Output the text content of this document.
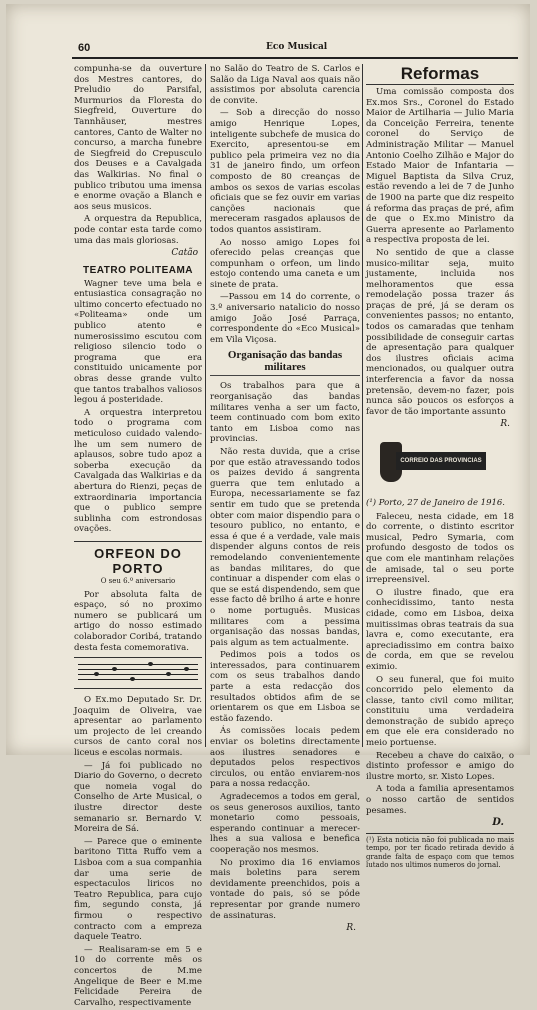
60	Eco Musical

compunha-se da ouverture dos Mestres cantores, do Preludio do Parsifal, Murmurios da Floresta do Siegfreid, Ouverture do Tannhäuser, mestres cantores, Canto de Walter no concurso, a marcha funebre de Siegfreid do Crepusculo dos Deuses e a Cavalgada das Walkirias. No final o publico tributou uma imensa e enorme ovação a Blanch e aos seus musicos.

A orquestra da Republica, pode contar esta tarde como uma das mais gloriosas.

Catão
TEATRO POLITEAMA

Wagner teve uma bela e entusiastica consagração no ultimo concerto efectuado no «Politeama» onde um publico atento e numerosissimo escutou com religioso silencio todo o programa que era constituido unicamente por obras desse grande vulto que tantos trabalhos valiosos legou á posteridade.

A orquestra interpretou todo o programa com meticuloso cuidado valendo-lhe um sem numero de aplausos, sobre tudo apoz a soberba execução da Cavalgada das Walkirias e da abertura do Rienzi, peças de extraordinaria importancia que o publico sempre sublinha com estrondosas ovações.

ORFEON DO PORTO
O seu 6.º aniversario

Por absoluta falta de espaço, só no proximo numero se publicará um artigo do nosso estimado colaborador Coribá, tratando desta festa comemorativa.

O Ex.mo Deputado Sr. Dr. Joaquim de Oliveira, vae apresentar ao parlamento um projecto de lei creando cursos de canto coral nos liceus e escolas normais.

— Já foi publicado no Diario do Governo, o decreto que nomeia vogal do Conselho de Arte Musical, o ilustre director deste semanario sr. Bernardo V. Moreira de Sá.

— Parece que o eminente baritono Titta Ruffo vem a Lisboa com a sua companhia dar uma serie de espectaculos liricos no Teatro Republica, para cujo fim, segundo consta, já firmou o respectivo contracto com a empreza daquele Teatro.

— Realisaram-se em 5 e 10 do corrente mês os concertos de M.me Angelique de Beer e M.me Felicidade Pereira de Carvalho, respectivamente

no Salão do Teatro de S. Carlos e Salão da Liga Naval aos quais não assistimos por absoluta carencia de convite.

— Sob a direcção do nosso amigo Henrique Lopes, inteligente subchefe de musica do Exercito, apresentou-se em publico pela primeira vez no dia 31 de janeiro findo, um orfeon composto de 80 creanças de ambos os sexos de varias escolas oficiais que se fez ouvir em varias canções nacionais que mereceram rasgados aplausos de todos quantos assistiram.

Ao nosso amigo Lopes foi oferecido pelas creanças que compunham o orfeon, um lindo estojo contendo uma caneta e um sinete de prata.

—Passou em 14 do corrente, o 3.º aniversario natalicio do nosso amigo João José Parraça, correspondente do «Eco Musical» em Vila Viçosa.

Organisação das bandas militares

Os trabalhos para que a reorganisação das bandas militares venha a ser um facto, teem continuado com bom exito tanto em Lisboa como nas provincias.

Não resta duvida, que a crise por que estão atravessando todos os paizes devido á sangrenta guerra que tem enlutado a Europa, necessariamente se faz sentir em tudo que se pretenda obter com maior dispendio para o tesouro publico, no entanto, e essa é que é a verdade, vale mais dispender alguns contos de reis remodelando convenientemente as bandas militares, do que continuar a dispender com elas o que se está dispendendo, sem que esse facto dê brilho á arte e honre o nome português. Musicas militares com a pessima organisação das nossas bandas, pais algum as tem actualmente.

Pedimos pois a todos os interessados, para continuarem com os seus trabalhos dando parte a esta redacção dos resultados obtidos afim de se orientarem os que em Lisboa se estão fazendo.

Ás comissões locais pedem enviar os boletins directamente aos ilustres senadores e deputados pelos respectivos circulos, ou então enviarem-nos para a nossa redacção.

Agradecemos a todos em geral, os seus generosos auxilios, tanto monetario como pessoais, esperando continuar a merecer-lhes a sua valiosa e benefica cooperação nos mesmos.

No proximo dia 16 enviamos mais boletins para serem devidamente preenchidos, pois a vontade do pais, só se póde representar por grande numero de assinaturas.

R.
Reformas

Uma comissão composta dos Ex.mos Srs., Coronel do Estado Maior de Artilharia — Julio Maria da Conceição Ferreira, tenente coronel do Serviço de Administração Militar — Manuel Antonio Coelho Zilhão e Major do Estado Maior de Infantaria — Miguel Baptista da Silva Cruz, estão revendo a lei de 7 de Junho de 1900 na parte que diz respeito á reforma das praças de pré, afim de que o Ex.mo Ministro da Guerra apresente ao Parlamento a respectiva proposta de lei.

No sentido de que a classe musico-militar seja, muito justamente, incluida nos melhoramentos que essa remodelação possa trazer ás praças de pré, já se deram os convenientes passos; no entanto, todos os camaradas que tenham possibilidade de conseguir cartas de apresentação para qualquer dos ilustres oficiais acima mencionados, ou qualquer outra interferencia a favor da nossa pretensão, devem-no fazer, pois nunca são poucos os esforços a favor de tão importante assunto

R.
CORREIO DAS PROVINCIAS
(¹) Porto, 27 de Janeiro de 1916.

Faleceu, nesta cidade, em 18 do corrente, o distinto escritor musical, Pedro Symaria, com profundo desgosto de todos os que com ele mantinham relações de amisade, tal o seu porte irrepreensivel.

O ilustre finado, que era conhecidissimo, tanto nesta cidade, como em Lisboa, deixa muitissimas obras teatrais da sua lavra e, como executante, era apreciadissimo em contra baixo de corda, em que se revelou eximio.

O seu funeral, que foi muito concorrido pelo elemento da classe, tanto civil como militar, constituiu uma verdadeira demonstração de subido apreço em que ele era considerado no meio portuense.

Recebeu a chave do caixão, o distinto professor e amigo do ilustre morto, sr. Xisto Lopes.

A toda a familia apresentamos o nosso cartão de sentidos pesames.

D.
(¹) Esta noticia não foi publicada no mais tempo, por ter ficado retirada devido á grande falta de espaço com que temos lutado nos ultimos numeros do jornal.
